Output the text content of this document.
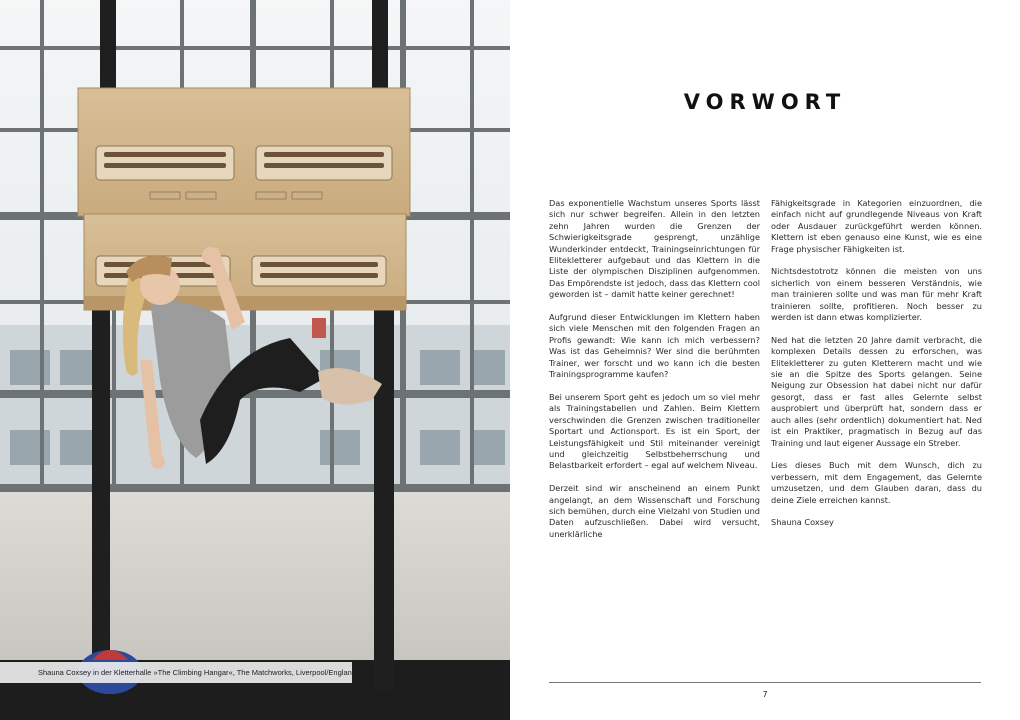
Shauna Coxsey in der Kletterhalle »The Climbing Hangar«, The Matchworks, Liverpool/England.
VORWORT

Das exponentielle Wachstum unseres Sports lässt sich nur schwer begreifen. Allein in den letzten zehn Jahren wurden die Grenzen der Schwierigkeitsgrade gesprengt, unzählige Wunderkinder entdeckt, Trainingseinrichtungen für Elitekletterer aufgebaut und das Klettern in die Liste der olympischen Disziplinen aufgenommen. Das Empörendste ist jedoch, dass das Klettern cool geworden ist – damit hatte keiner gerechnet!

Aufgrund dieser Entwicklungen im Klettern haben sich viele Menschen mit den folgenden Fragen an Profis gewandt: Wie kann ich mich verbessern? Was ist das Geheimnis? Wer sind die berühmten Trainer, wer forscht und wo kann ich die besten Trainingsprogramme kaufen?

Bei unserem Sport geht es jedoch um so viel mehr als Trainingstabellen und Zahlen. Beim Klettern verschwinden die Grenzen zwischen traditioneller Sportart und Actionsport. Es ist ein Sport, der Leistungsfähigkeit und Stil miteinander vereinigt und gleichzeitig Selbstbeherrschung und Belastbarkeit erfordert – egal auf welchem Niveau.

Derzeit sind wir anscheinend an einem Punkt angelangt, an dem Wissenschaft und Forschung sich bemühen, durch eine Vielzahl von Studien und Daten aufzuschließen. Dabei wird versucht, unerklärliche

Fähigkeitsgrade in Kategorien einzuordnen, die einfach nicht auf grundlegende Niveaus von Kraft oder Ausdauer zurückgeführt werden können. Klettern ist eben genauso eine Kunst, wie es eine Frage physischer Fähigkeiten ist.

Nichtsdestotrotz können die meisten von uns sicherlich von einem besseren Verständnis, wie man trainieren sollte und was man für mehr Kraft trainieren sollte, profitieren. Noch besser zu werden ist dann etwas komplizierter.

Ned hat die letzten 20 Jahre damit verbracht, die komplexen Details dessen zu erforschen, was Elitekletterer zu guten Kletterern macht und wie sie an die Spitze des Sports gelangen. Seine Neigung zur Obsession hat dabei nicht nur dafür gesorgt, dass er fast alles Gelernte selbst ausprobiert und überprüft hat, sondern dass er auch alles (sehr ordentlich) dokumentiert hat. Ned ist ein Praktiker, pragmatisch in Bezug auf das Training und laut eigener Aussage ein Streber.

Lies dieses Buch mit dem Wunsch, dich zu verbessern, mit dem Engagement, das Gelernte umzusetzen, und dem Glauben daran, dass du deine Ziele erreichen kannst.

Shauna Coxsey

7
